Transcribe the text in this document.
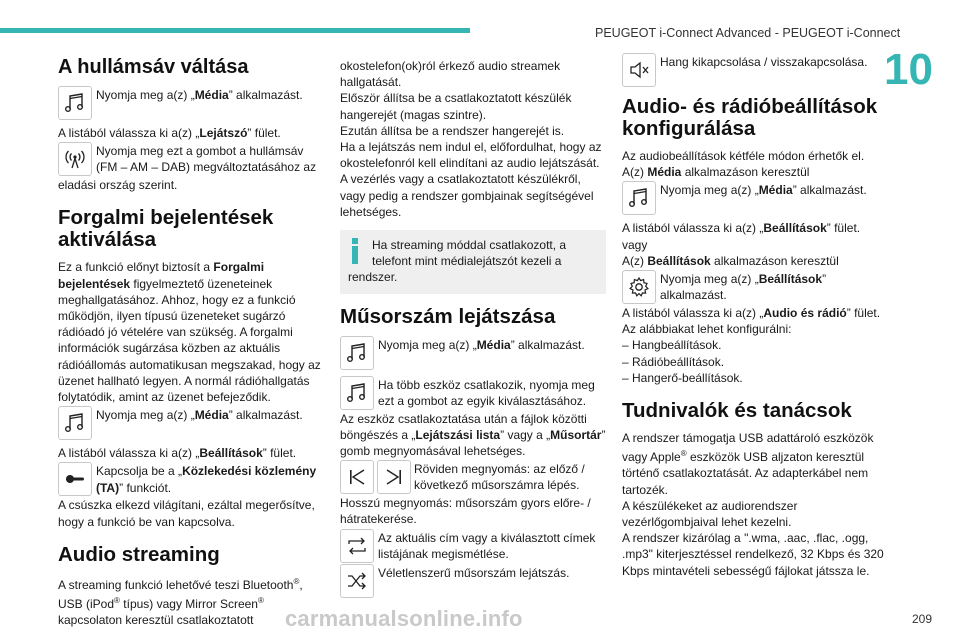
PEUGEOT i-Connect Advanced - PEUGEOT i-Connect
10
carmanualsonline.info	209
A hullámsáv váltása
Nyomja meg a(z) „Média” alkalmazást.

A listából válassza ki a(z) „Lejátszó” fület.

Nyomja meg ezt a gombot a hullámsáv (FM – AM – DAB) megváltoztatásához az

eladási ország szerint.

Forgalmi bejelentések aktiválása

Ez a funkció előnyt biztosít a Forgalmi bejelentések figyelmeztető üzeneteinek meghallgatásához. Ahhoz, hogy ez a funkció működjön, ilyen típusú üzeneteket sugárzó rádióadó jó vételére van szükség. A forgalmi információk sugárzása közben az aktuális rádióállomás automatikusan megszakad, hogy az üzenet hallható legyen. A normál rádióhallgatás folytatódik, amint az üzenet befejeződik.

Nyomja meg a(z) „Média” alkalmazást.

A listából válassza ki a(z) „Beállítások” fület.

Kapcsolja be a „Közlekedési közlemény (TA)” funkciót.

A csúszka elkezd világítani, ezáltal megerősítve, hogy a funkció be van kapcsolva.

Audio streaming

A streaming funkció lehetővé teszi Bluetooth®, USB (iPod® típus) vagy Mirror Screen® kapcsolaton keresztül csatlakoztatott

okostelefon(ok)ról érkező audio streamek hallgatását.

Először állítsa be a csatlakoztatott készülék hangerejét (magas szintre).

Ezután állítsa be a rendszer hangerejét is.

Ha a lejátszás nem indul el, előfordulhat, hogy az okostelefonról kell elindítani az audio lejátszását.

A vezérlés vagy a csatlakoztatott készülékről, vagy pedig a rendszer gombjainak segítségével lehetséges.

Ha streaming móddal csatlakozott, a telefont mint médialejátszót kezeli a

rendszer.

Műsorszám lejátszása
Nyomja meg a(z) „Média” alkalmazást.
Ha több eszköz csatlakozik, nyomja meg ezt a gombot az egyik kiválasztásához.

Az eszköz csatlakoztatása után a fájlok közötti böngészés a „Lejátszási lista” vagy a „Műsortár” gomb megnyomásával lehetséges.

Röviden megnyomás: az előző / következő műsorszámra lépés.

Hosszú megnyomás: műsorszám gyors előre- / hátratekerése.

Az aktuális cím vagy a kiválasztott címek listájának megismétlése.
Véletlenszerű műsorszám lejátszás.
Hang kikapcsolása / visszakapcsolása.
Audio- és rádióbeállítások konfigurálása

Az audiobeállítások kétféle módon érhetők el.

A(z) Média alkalmazáson keresztül

Nyomja meg a(z) „Média” alkalmazást.

A listából válassza ki a(z) „Beállítások” fület.

vagy

A(z) Beállítások alkalmazáson keresztül

Nyomja meg a(z) „Beállítások” alkalmazást.

A listából válassza ki a(z) „Audio és rádió” fület.

Az alábbiakat lehet konfigurálni:

– Hangbeállítások.

– Rádióbeállítások.

– Hangerő-beállítások.

Tudnivalók és tanácsok

A rendszer támogatja USB adattároló eszközök vagy Apple® eszközök USB aljzaton keresztül történő csatlakoztatását. Az adapterkábel nem tartozék.

A készülékeket az audiorendszer vezérlőgombjaival lehet kezelni.

A rendszer kizárólag a ".wma, .aac, .flac, .ogg, .mp3" kiterjesztéssel rendelkező, 32 Kbps és 320 Kbps mintavételi sebességű fájlokat játssza le.
